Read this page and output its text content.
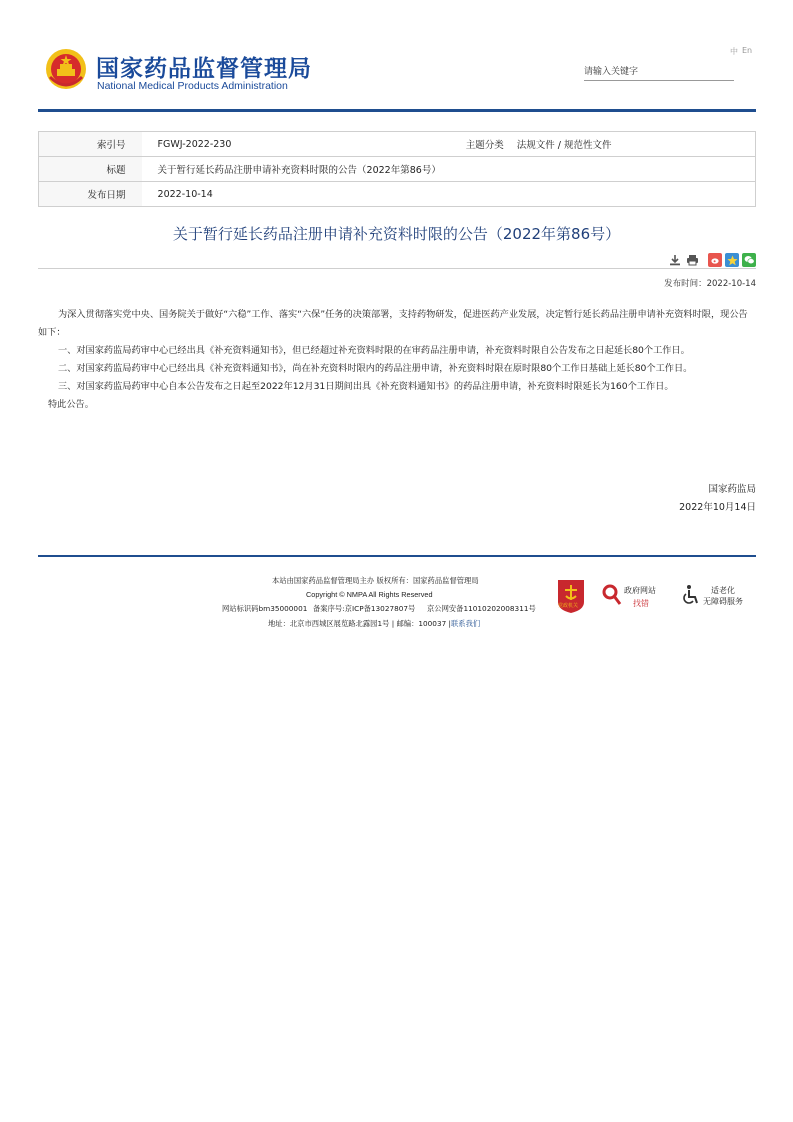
国家药品监督管理局
National Medical Products Administration
中 En
请输入关键字
索引号	FGWJ-2022-230	主题分类	法规文件 / 规范性文件
标题	关于暂行延长药品注册申请补充资料时限的公告（2022年第86号）		
发布日期	2022-10-14		
关于暂行延长药品注册申请补充资料时限的公告（2022年第86号）
发布时间：2022-10-14

为深入贯彻落实党中央、国务院关于做好“六稳”工作、落实“六保”任务的决策部署，支持药物研发，促进医药产业发展，决定暂行延长药品注册申请补充资料时限，现公告如下：

一、对国家药监局药审中心已经出具《补充资料通知书》，但已经超过补充资料时限的在审药品注册申请，补充资料时限自公告发布之日起延长80个工作日。

二、对国家药监局药审中心已经出具《补充资料通知书》，尚在补充资料时限内的药品注册申请，补充资料时限在原时限80个工作日基础上延长80个工作日。

三、对国家药监局药审中心自本公告发布之日起至2022年12月31日期间出具《补充资料通知书》的药品注册申请，补充资料时限延长为160个工作日。

特此公告。

国家药监局
2022年10月14日
本站由国家药品监督管理局主办 版权所有：国家药品监督管理局
Copyright © NMPA All Rights Reserved
网站标识码bm35000001 备案序号:京ICP备13027807号 京公网安备11010202008311号
地址：北京市西城区展览路北露园1号 | 邮编：100037 | 联系我们
党政机关
政府网站
找错
适老化
无障碍服务
